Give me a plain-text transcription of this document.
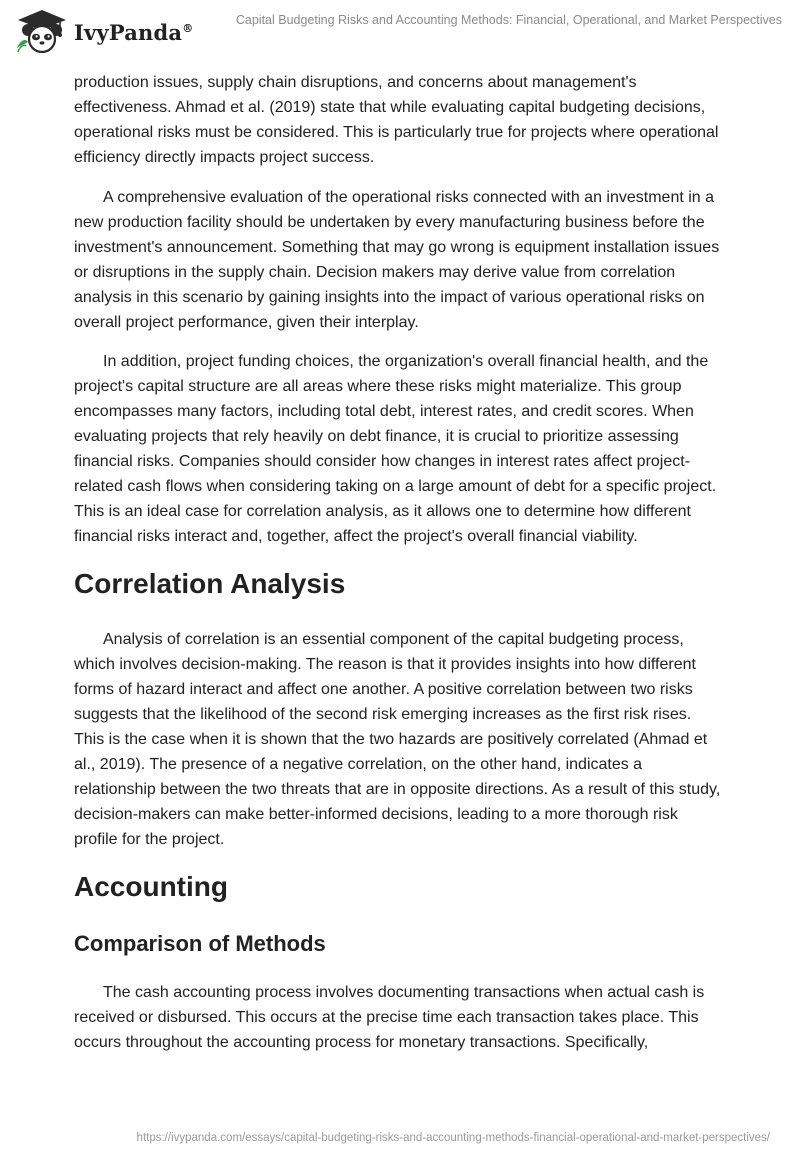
IvyPanda®
Capital Budgeting Risks and Accounting Methods: Financial, Operational, and Market Perspectives

production issues, supply chain disruptions, and concerns about management's effectiveness. Ahmad et al. (2019) state that while evaluating capital budgeting decisions, operational risks must be considered. This is particularly true for projects where operational efficiency directly impacts project success.

A comprehensive evaluation of the operational risks connected with an investment in a new production facility should be undertaken by every manufacturing business before the investment's announcement. Something that may go wrong is equipment installation issues or disruptions in the supply chain. Decision makers may derive value from correlation analysis in this scenario by gaining insights into the impact of various operational risks on overall project performance, given their interplay.

In addition, project funding choices, the organization's overall financial health, and the project's capital structure are all areas where these risks might materialize. This group encompasses many factors, including total debt, interest rates, and credit scores. When evaluating projects that rely heavily on debt finance, it is crucial to prioritize assessing financial risks. Companies should consider how changes in interest rates affect project-related cash flows when considering taking on a large amount of debt for a specific project. This is an ideal case for correlation analysis, as it allows one to determine how different financial risks interact and, together, affect the project's overall financial viability.

Correlation Analysis

Analysis of correlation is an essential component of the capital budgeting process, which involves decision-making. The reason is that it provides insights into how different forms of hazard interact and affect one another. A positive correlation between two risks suggests that the likelihood of the second risk emerging increases as the first risk rises. This is the case when it is shown that the two hazards are positively correlated (Ahmad et al., 2019). The presence of a negative correlation, on the other hand, indicates a relationship between the two threats that are in opposite directions. As a result of this study, decision-makers can make better-informed decisions, leading to a more thorough risk profile for the project.

Accounting
Comparison of Methods

The cash accounting process involves documenting transactions when actual cash is received or disbursed. This occurs at the precise time each transaction takes place. This occurs throughout the accounting process for monetary transactions. Specifically,

https://ivypanda.com/essays/capital-budgeting-risks-and-accounting-methods-financial-operational-and-market-perspectives/
